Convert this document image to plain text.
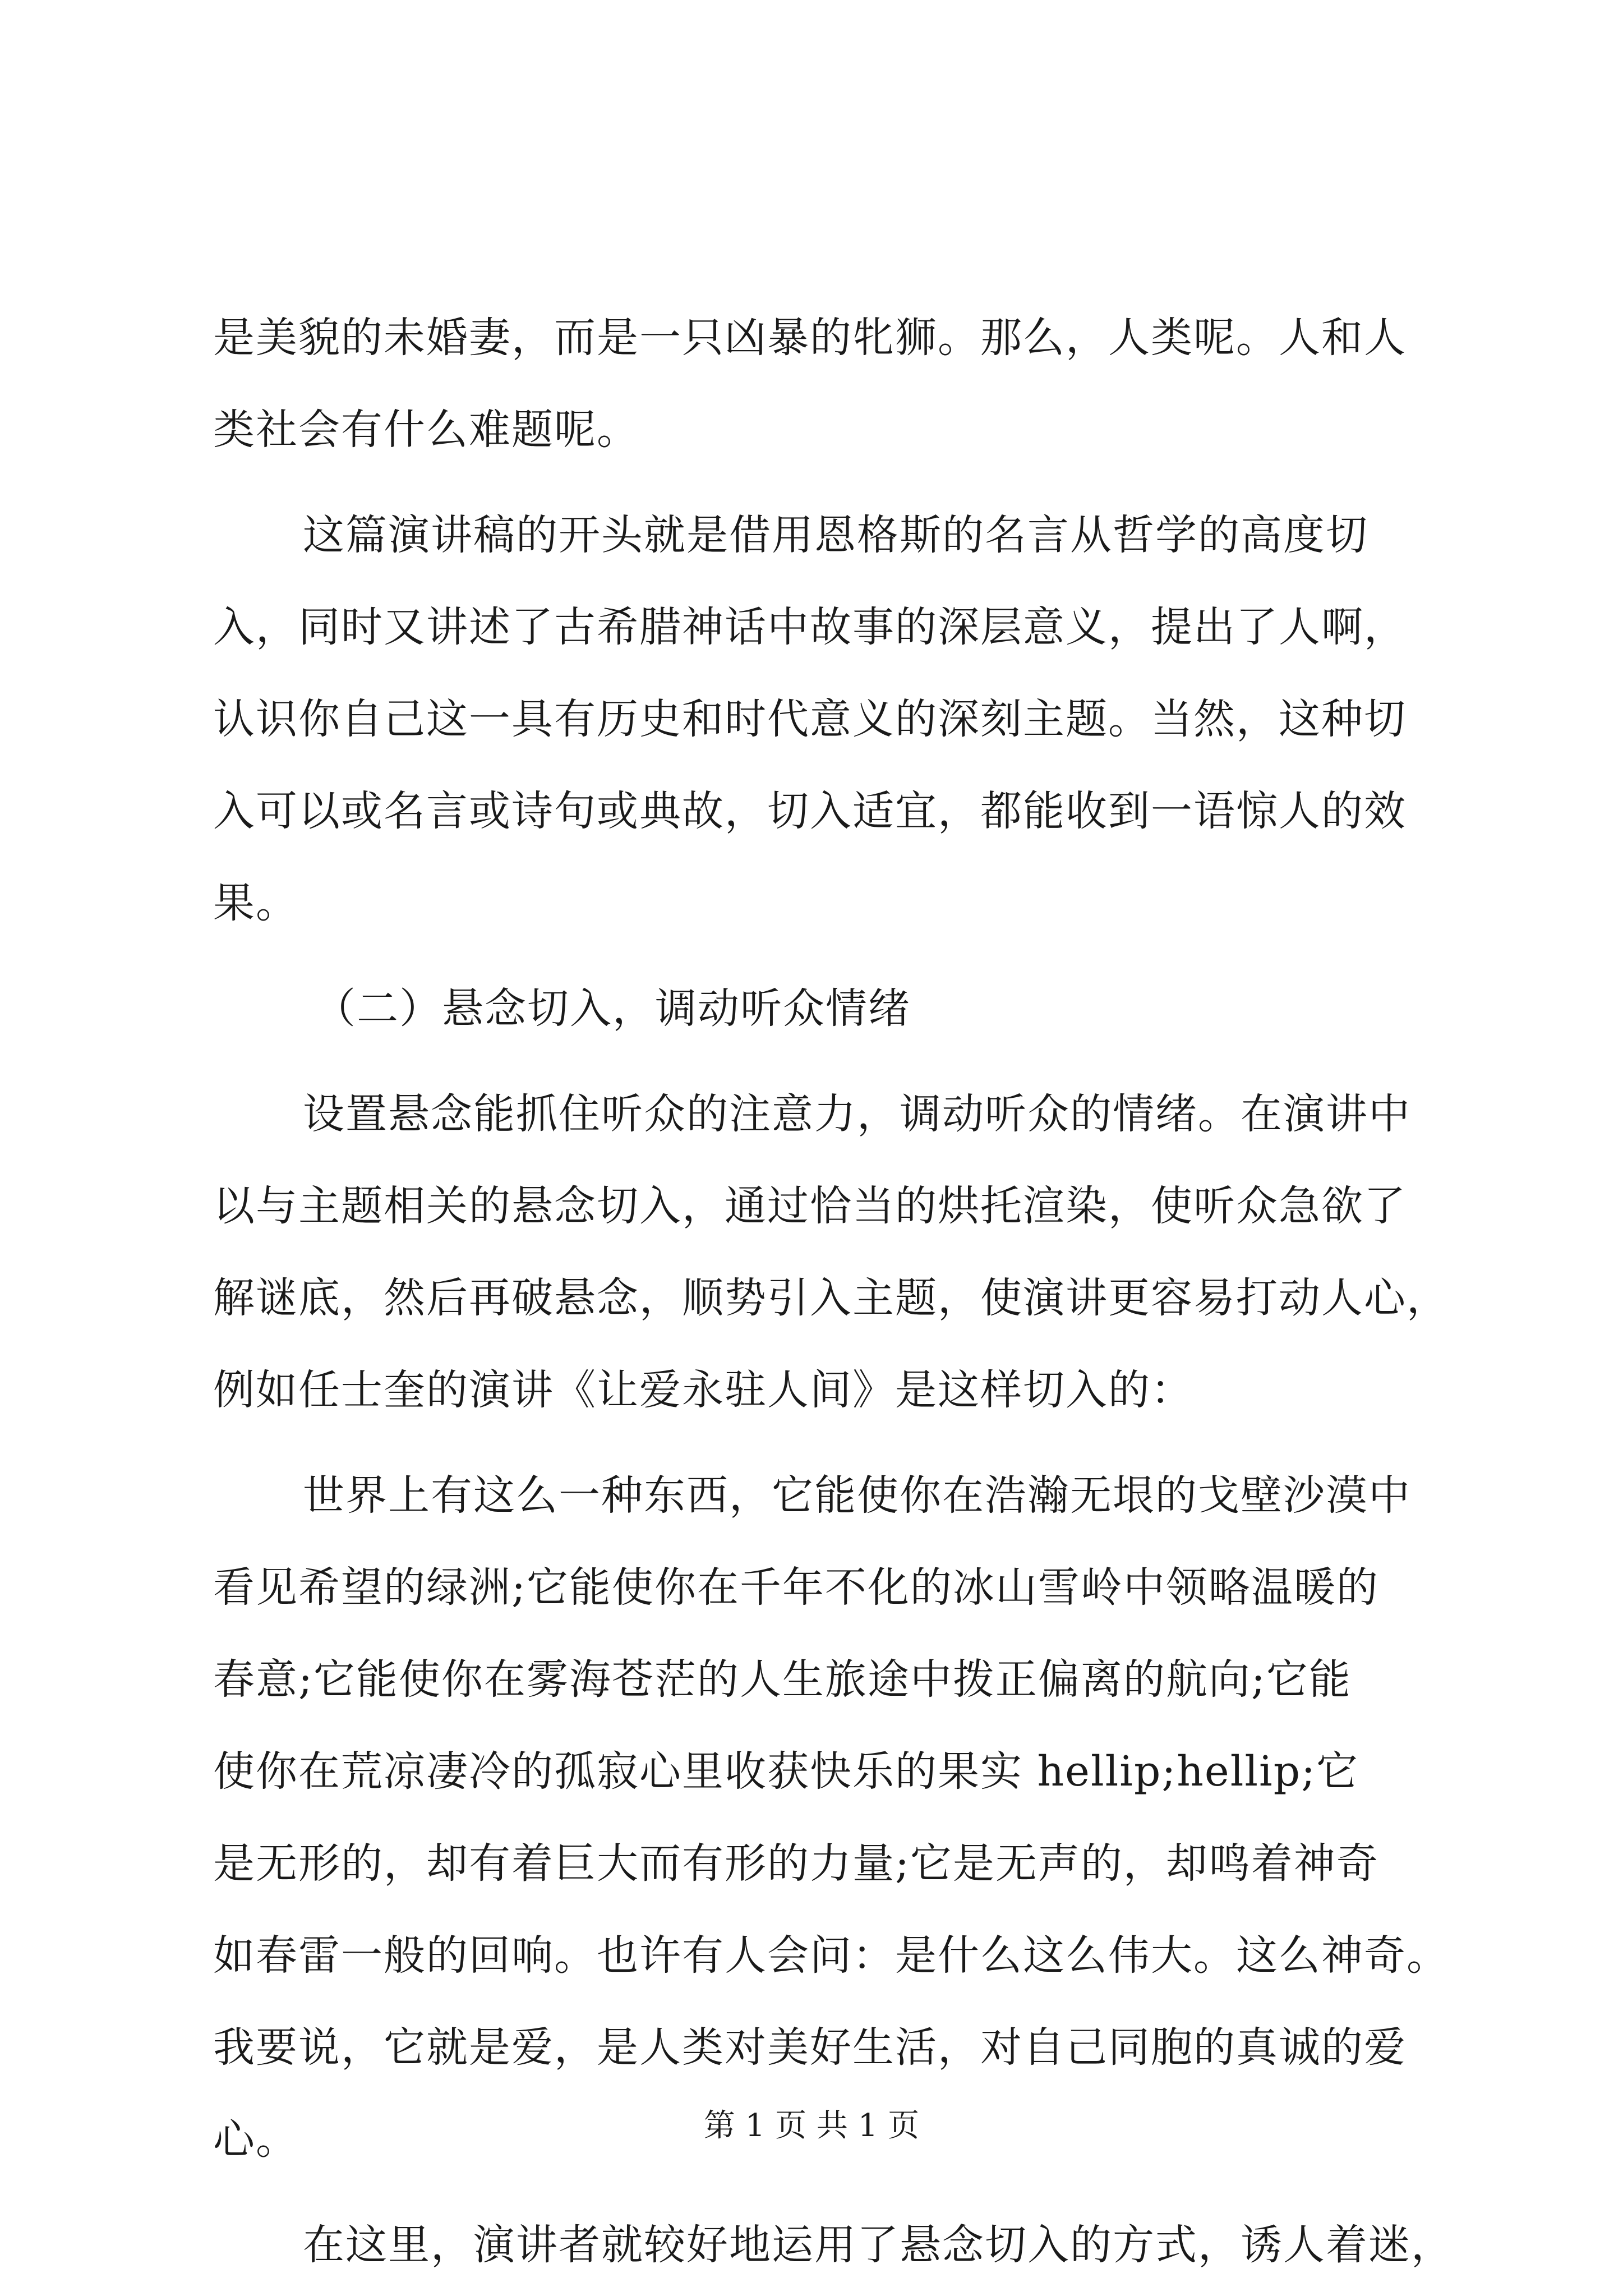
是美貌的未婚妻，而是一只凶暴的牝狮。那么，人类呢。人和人
类社会有什么难题呢。
这篇演讲稿的开头就是借用恩格斯的名言从哲学的高度切
入，同时又讲述了古希腊神话中故事的深层意义，提出了人啊，
认识你自己这一具有历史和时代意义的深刻主题。当然，这种切
入可以或名言或诗句或典故，切入适宜，都能收到一语惊人的效
果。
（二）悬念切入，调动听众情绪
设置悬念能抓住听众的注意力，调动听众的情绪。在演讲中
以与主题相关的悬念切入，通过恰当的烘托渲染，使听众急欲了
解谜底，然后再破悬念，顺势引入主题，使演讲更容易打动人心，
例如任士奎的演讲《让爱永驻人间》是这样切入的：
世界上有这么一种东西，它能使你在浩瀚无垠的戈壁沙漠中
看见希望的绿洲;它能使你在千年不化的冰山雪岭中领略温暖的
春意;它能使你在雾海苍茫的人生旅途中拨正偏离的航向;它能
使你在荒凉凄冷的孤寂心里收获快乐的果实 hellip;hellip;它
是无形的，却有着巨大而有形的力量;它是无声的，却鸣着神奇
如春雷一般的回响。也许有人会问：是什么这么伟大。这么神奇。
我要说，它就是爱，是人类对美好生活，对自己同胞的真诚的爱
心。
在这里，演讲者就较好地运用了悬念切入的方式，诱人着迷，
第 1 页 共 1 页
